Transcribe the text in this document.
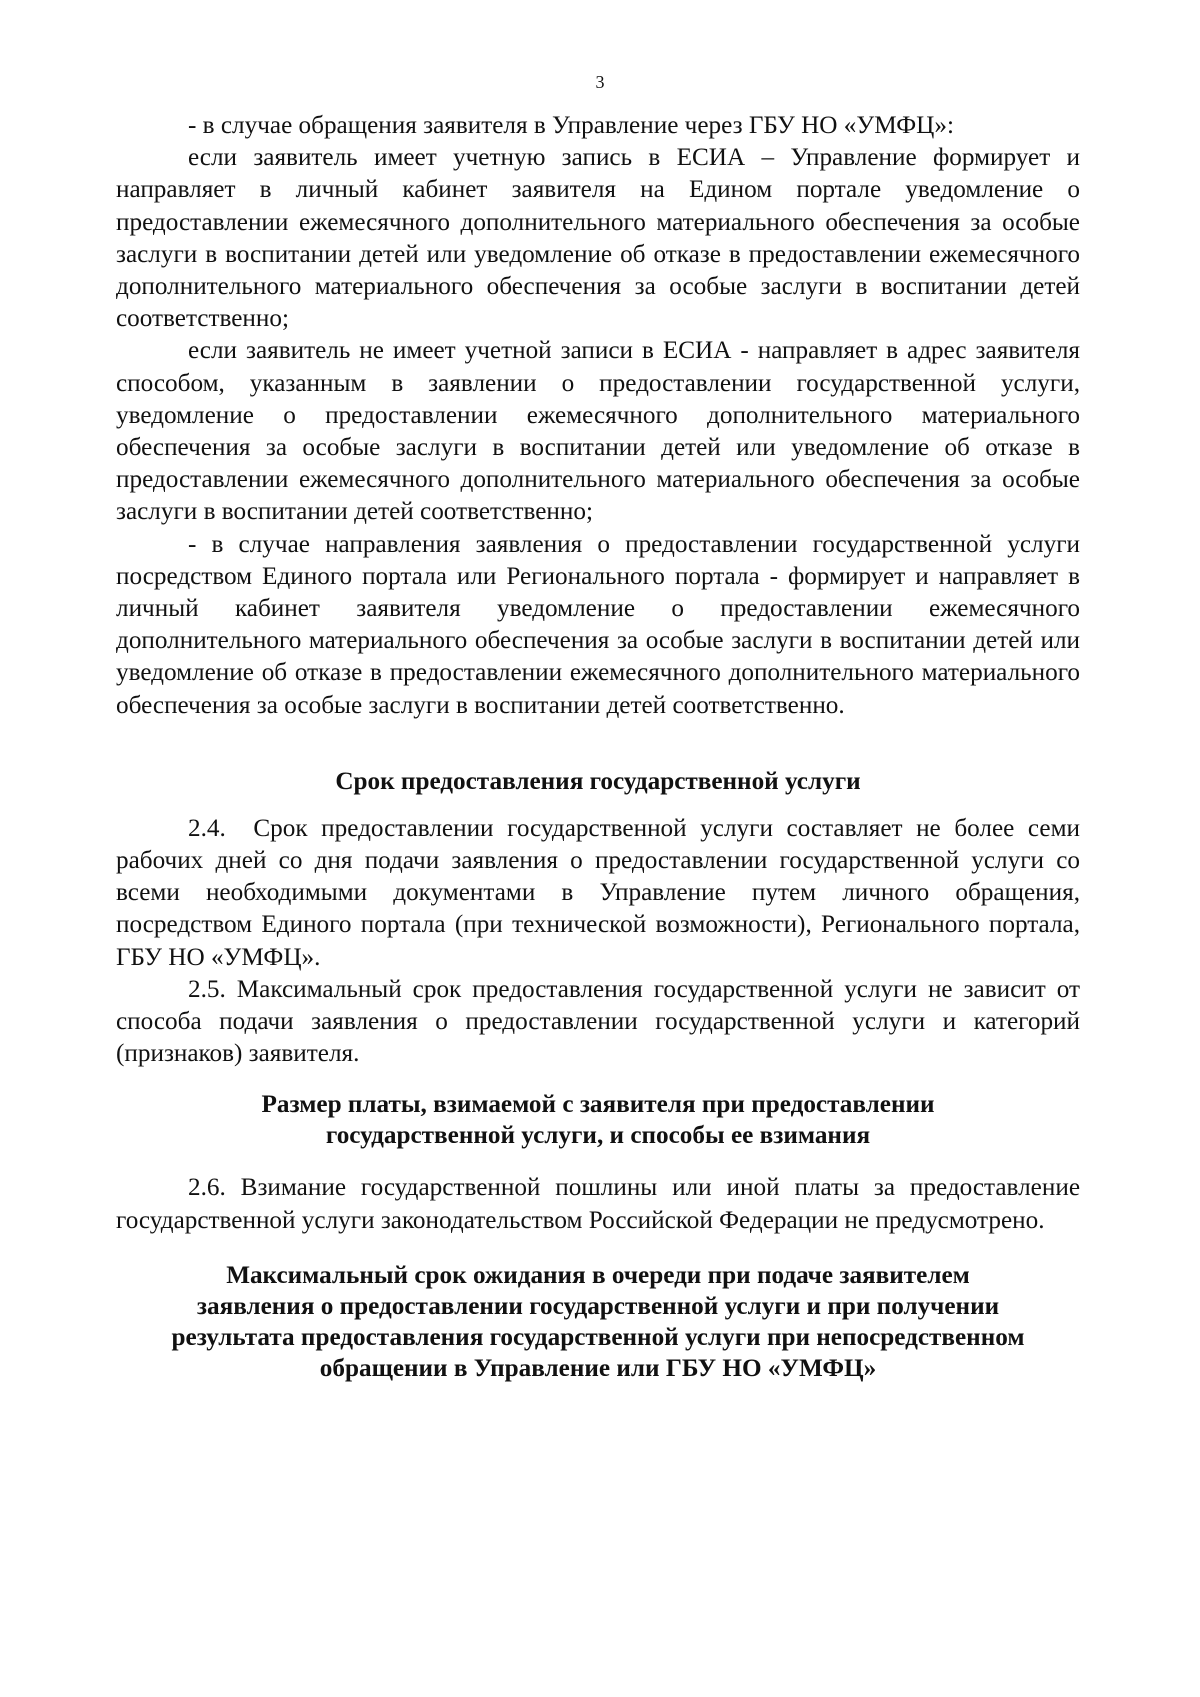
3

- в случае обращения заявителя в Управление через ГБУ НО «УМФЦ»:

если заявитель имеет учетную запись в ЕСИА – Управление формирует и направляет в личный кабинет заявителя на Едином портале уведомление о предоставлении ежемесячного дополнительного материального обеспечения за особые заслуги в воспитании детей или уведомление об отказе в предоставлении ежемесячного дополнительного материального обеспечения за особые заслуги в воспитании детей соответственно;

если заявитель не имеет учетной записи в ЕСИА - направляет в адрес заявителя способом, указанным в заявлении о предоставлении государственной услуги, уведомление о предоставлении ежемесячного дополнительного материального обеспечения за особые заслуги в воспитании детей или уведомление об отказе в предоставлении ежемесячного дополнительного материального обеспечения за особые заслуги в воспитании детей соответственно;

- в случае направления заявления о предоставлении государственной услуги посредством Единого портала или Регионального портала - формирует и направляет в личный кабинет заявителя уведомление о предоставлении ежемесячного дополнительного материального обеспечения за особые заслуги в воспитании детей или уведомление об отказе в предоставлении ежемесячного дополнительного материального обеспечения за особые заслуги в воспитании детей соответственно.

Срок предоставления государственной услуги

2.4. Срок предоставлении государственной услуги составляет не более семи рабочих дней со дня подачи заявления о предоставлении государственной услуги со всеми необходимыми документами в Управление путем личного обращения, посредством Единого портала (при технической возможности), Регионального портала, ГБУ НО «УМФЦ».

2.5. Максимальный срок предоставления государственной услуги не зависит от способа подачи заявления о предоставлении государственной услуги и категорий (признаков) заявителя.

Размер платы, взимаемой с заявителя при предоставлении
государственной услуги, и способы ее взимания

2.6. Взимание государственной пошлины или иной платы за предоставление государственной услуги законодательством Российской Федерации не предусмотрено.

Максимальный срок ожидания в очереди при подаче заявителем
заявления о предоставлении государственной услуги и при получении
результата предоставления государственной услуги при непосредственном
обращении в Управление или ГБУ НО «УМФЦ»
